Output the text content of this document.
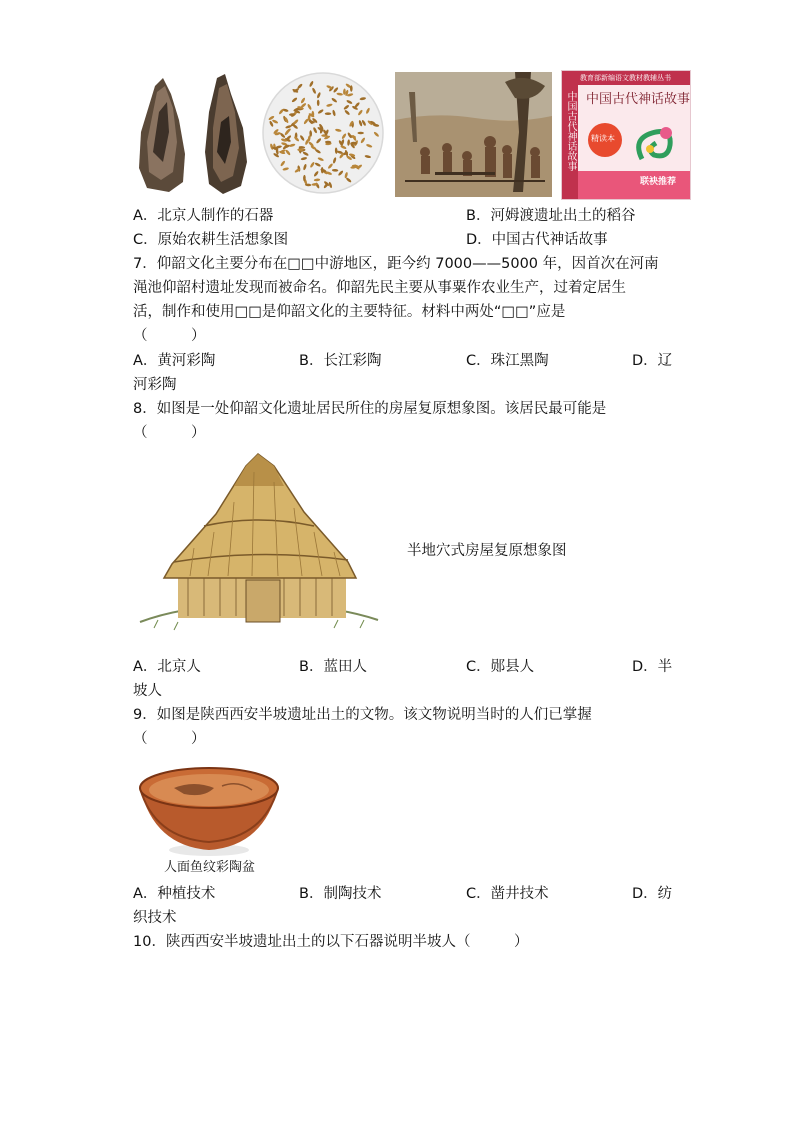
教育部新编语文教材教辅丛书
中国古代神话故事 中国古代神话故事
精读本
联袂推荐
A．北京人制作的石器	B．河姆渡遗址出土的稻谷
C．原始农耕生活想象图	D．中国古代神话故事
7．仰韶文化主要分布在□□中游地区，距今约 7000——5000 年，因首次在河南
渑池仰韶村遗址发现而被命名。仰韶先民主要从事粟作农业生产，过着定居生
活，制作和使用□□是仰韶文化的主要特征。材料中两处“□□”应是
（　　　）
A．黄河彩陶	B．长江彩陶	C．珠江黑陶	D．辽
河彩陶
8．如图是一处仰韶文化遗址居民所住的房屋复原想象图。该居民最可能是
（　　　）
半地穴式房屋复原想象图
A．北京人	B．蓝田人	C．郧县人	D．半
坡人
9．如图是陕西西安半坡遗址出土的文物。该文物说明当时的人们已掌握
（　　　）
人面鱼纹彩陶盆
A．种植技术	B．制陶技术	C．凿井技术	D．纺
织技术
10．陕西西安半坡遗址出土的以下石器说明半坡人（　　　）
